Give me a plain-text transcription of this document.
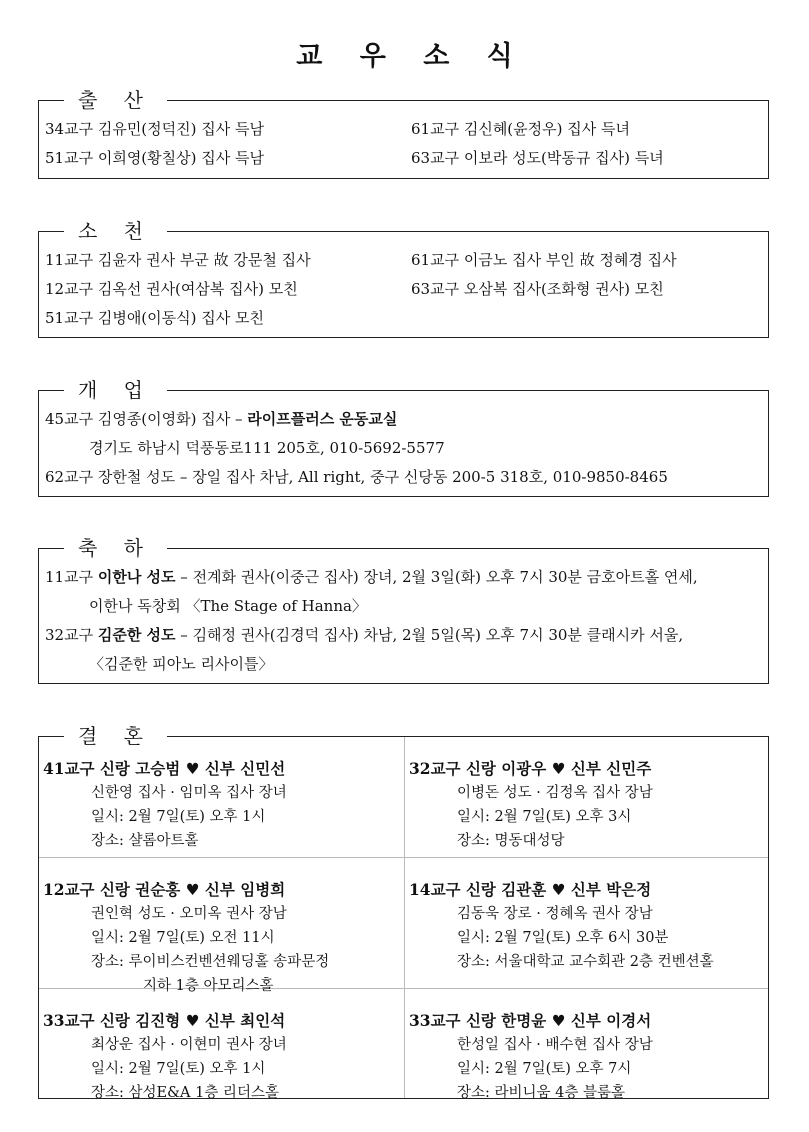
교 우 소 식
34교구 김유민(정덕진) 집사 득남
51교구 이희영(황칠상) 집사 득남
61교구 김신혜(윤정우) 집사 득녀
63교구 이보라 성도(박동규 집사) 득녀
출 산
11교구 김윤자 권사 부군 故 강문철 집사
12교구 김옥선 권사(여삼복 집사) 모친
51교구 김병애(이동식) 집사 모친
61교구 이금노 집사 부인 故 정혜경 집사
63교구 오삼복 집사(조화형 권사) 모친
소 천
45교구 김영종(이영화) 집사 – 라이프플러스 운동교실
경기도 하남시 덕풍동로111 205호, 010-5692-5577
62교구 장한철 성도 – 장일 집사 차남, All right, 중구 신당동 200-5 318호, 010-9850-8465
개 업
11교구 이한나 성도 – 전계화 권사(이중근 집사) 장녀, 2월 3일(화) 오후 7시 30분 금호아트홀 연세,
이한나 독창회 〈The Stage of Hanna〉
32교구 김준한 성도 – 김해정 권사(김경덕 집사) 차남, 2월 5일(목) 오후 7시 30분 클래시카 서울,
〈김준한 피아노 리사이틀〉
축 하
41교구 신랑 고승범 ♥ 신부 신민선
신한영 집사 · 임미옥 집사 장녀
일시: 2월 7일(토) 오후 1시
장소: 샬롬아트홀
32교구 신랑 이광우 ♥ 신부 신민주
이병돈 성도 · 김정옥 집사 장남
일시: 2월 7일(토) 오후 3시
장소: 명동대성당
12교구 신랑 권순홍 ♥ 신부 임병희
권인혁 성도 · 오미옥 권사 장남
일시: 2월 7일(토) 오전 11시
장소: 루이비스컨벤션웨딩홀 송파문정
지하 1층 아모리스홀
14교구 신랑 김관훈 ♥ 신부 박은정
김동욱 장로 · 정혜옥 권사 장남
일시: 2월 7일(토) 오후 6시 30분
장소: 서울대학교 교수회관 2층 컨벤션홀
33교구 신랑 김진형 ♥ 신부 최인석
최상운 집사 · 이현미 권사 장녀
일시: 2월 7일(토) 오후 1시
장소: 삼성E&A 1층 리더스홀
33교구 신랑 한명윤 ♥ 신부 이경서
한성일 집사 · 배수현 집사 장남
일시: 2월 7일(토) 오후 7시
장소: 라비니움 4층 블룸홀
결 혼
